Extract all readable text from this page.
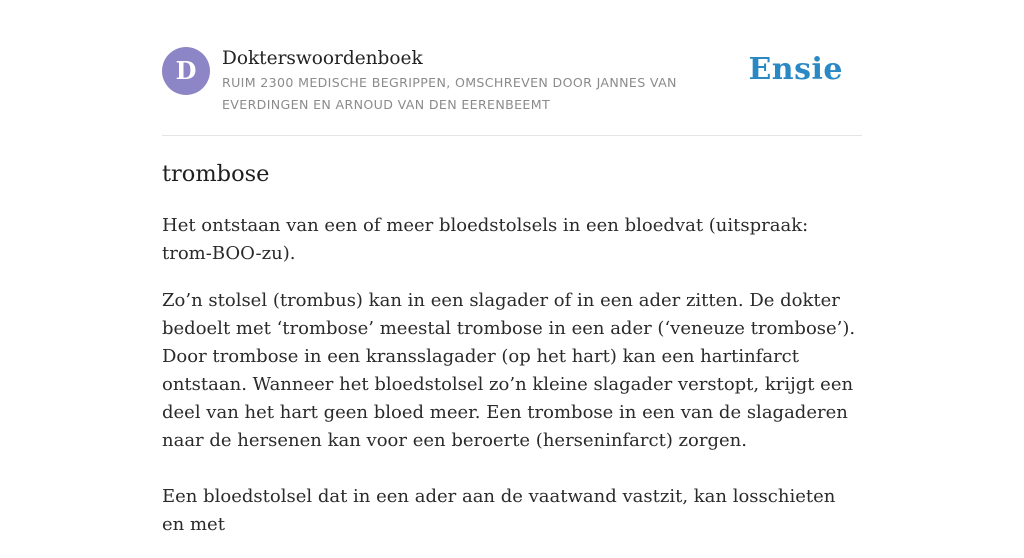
D	Dokterswoordenboek
RUIM 2300 MEDISCHE BEGRIPPEN, OMSCHREVEN DOOR JANNES VAN EVERDINGEN EN ARNOUD VAN DEN EERENBEEMT
Ensie
trombose

Het ontstaan van een of meer bloedstolsels in een bloedvat (uitspraak: trom-BOO-zu).

Zo’n stolsel (trombus) kan in een slagader of in een ader zitten. De dokter bedoelt met ‘trombose’ meestal trombose in een ader (‘veneuze trombose’). Door trombose in een kransslagader (op het hart) kan een hartinfarct ontstaan. Wanneer het bloedstolsel zo’n kleine slagader verstopt, krijgt een deel van het hart geen bloed meer. Een trombose in een van de slagaderen naar de hersenen kan voor een beroerte (herseninfarct) zorgen.

Een bloedstolsel dat in een ader aan de vaatwand vastzit, kan losschieten en met
